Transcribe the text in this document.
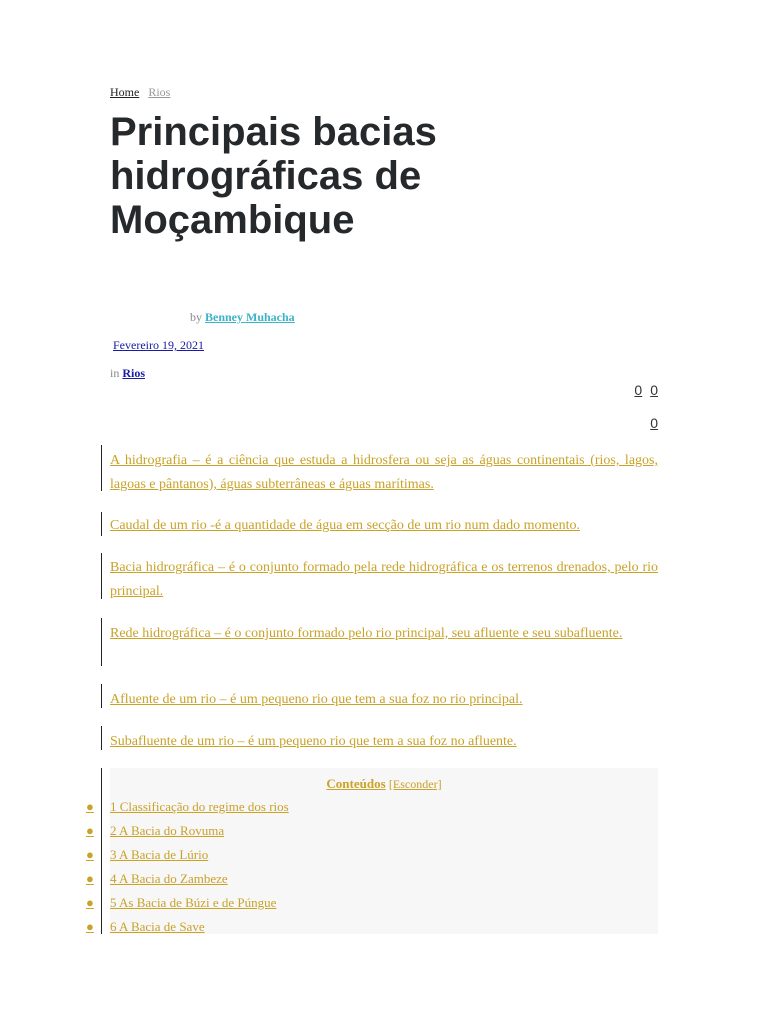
Home Rios
Principais bacias hidrográficas de Moçambique
by Benney Muhacha
Fevereiro 19, 2021
in Rios
0 0
0

A hidrografia – é a ciência que estuda a hidrosfera ou seja as águas continentais (rios, lagos, lagoas e pântanos), águas subterrâneas e águas marítimas.

Caudal de um rio -é a quantidade de água em secção de um rio num dado momento.

Bacia hidrográfica – é o conjunto formado pela rede hidrográfica e os terrenos drenados, pelo rio principal.

Rede hidrográfica – é o conjunto formado pelo rio principal, seu afluente e seu subafluente.

Afluente de um rio – é um pequeno rio que tem a sua foz no rio principal.

Subafluente de um rio – é um pequeno rio que tem a sua foz no afluente.

Conteúdos [Esconder]
●	1 Classificação do regime dos rios
●	2 A Bacia do Rovuma
●	3 A Bacia de Lúrio
●	4 A Bacia do Zambeze
●	5 As Bacia de Búzi e de Púngue
●	6 A Bacia de Save
